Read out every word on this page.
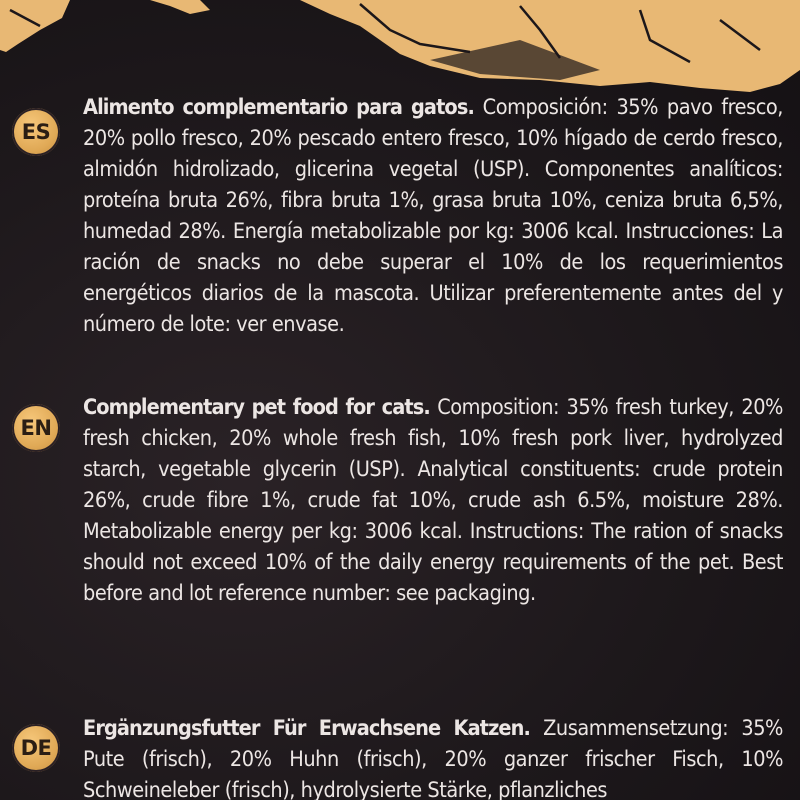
ES
Alimento complementario para gatos. Composición: 35% pavo fresco, 20% pollo fresco, 20% pescado entero fresco, 10% hígado de cerdo fresco, almidón hidrolizado, glicerina vegetal (USP). Componentes analíticos: proteína bruta 26%, fibra bruta 1%, grasa bruta 10%, ceniza bruta 6,5%, humedad 28%. Energía metabolizable por kg: 3006 kcal. Instrucciones: La ración de snacks no debe superar el 10% de los requerimientos energéticos diarios de la mascota. Utilizar preferentemente antes del y número de lote: ver envase.
EN
Complementary pet food for cats. Composition: 35% fresh turkey, 20% fresh chicken, 20% whole fresh fish, 10% fresh pork liver, hydrolyzed starch, vegetable glycerin (USP). Analytical constituents: crude protein 26%, crude fibre 1%, crude fat 10%, crude ash 6.5%, moisture 28%. Metabolizable energy per kg: 3006 kcal. Instructions: The ration of snacks should not exceed 10% of the daily energy requirements of the pet. Best before and lot reference number: see packaging.
DE
Ergänzungsfutter Für Erwachsene Katzen. Zusammensetzung: 35% Pute (frisch), 20% Huhn (frisch), 20% ganzer frischer Fisch, 10% Schweineleber (frisch), hydrolysierte Stärke, pflanzliches
